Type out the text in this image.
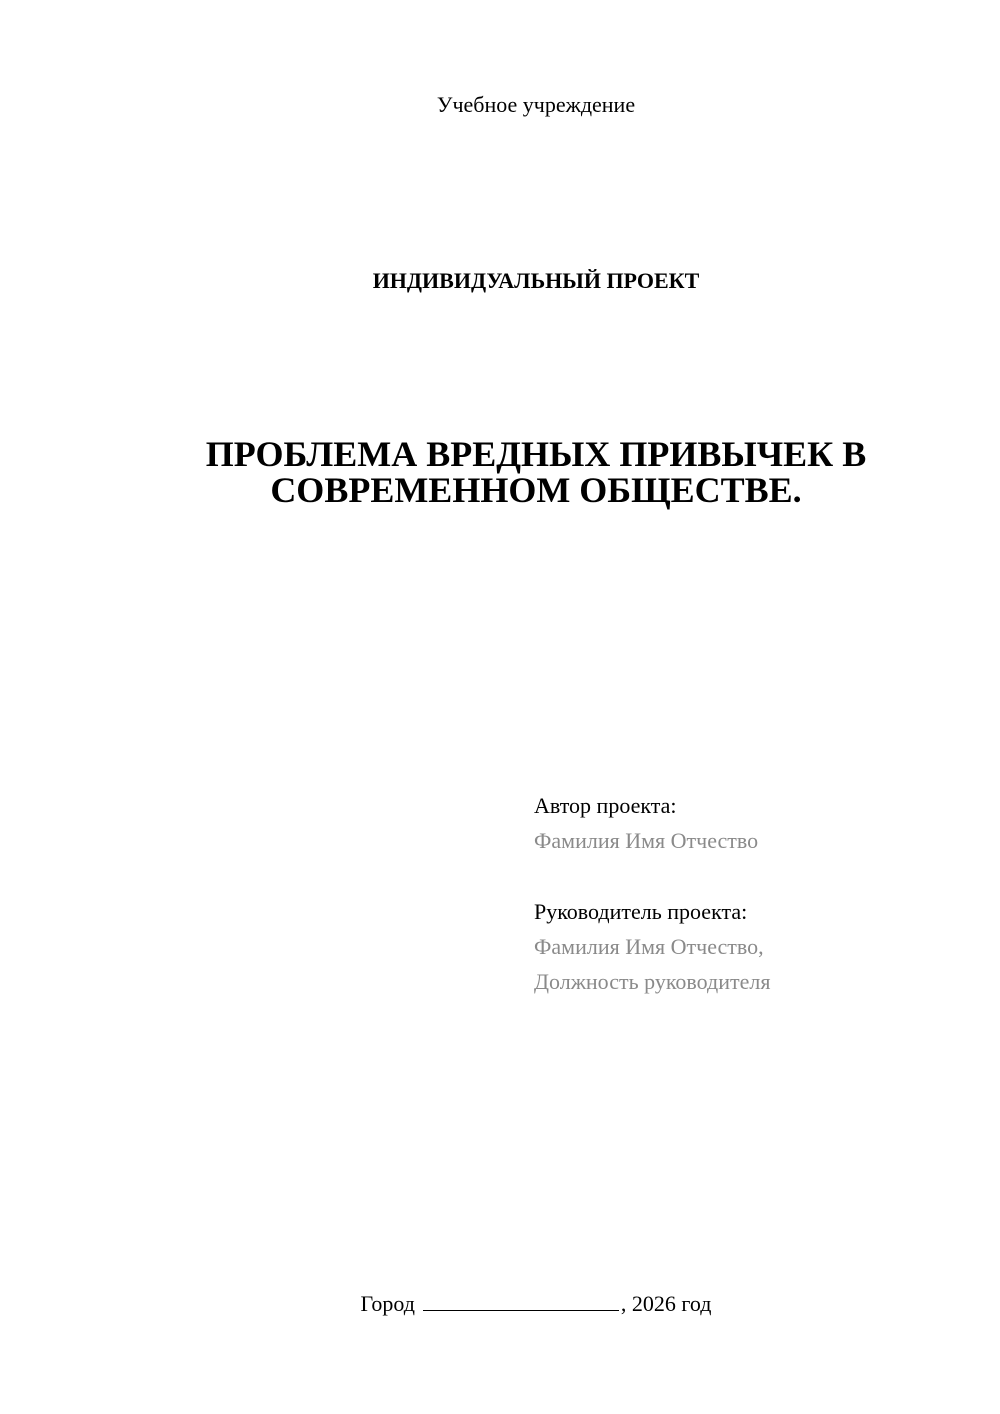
Учебное учреждение
ИНДИВИДУАЛЬНЫЙ ПРОЕКТ
ПРОБЛЕМА ВРЕДНЫХ ПРИВЫЧЕК В
СОВРЕМЕННОМ ОБЩЕСТВЕ.
Автор проекта:
Фамилия Имя Отчество
Руководитель проекта:
Фамилия Имя Отчество,
Должность руководителя
Город	, 2026 год
